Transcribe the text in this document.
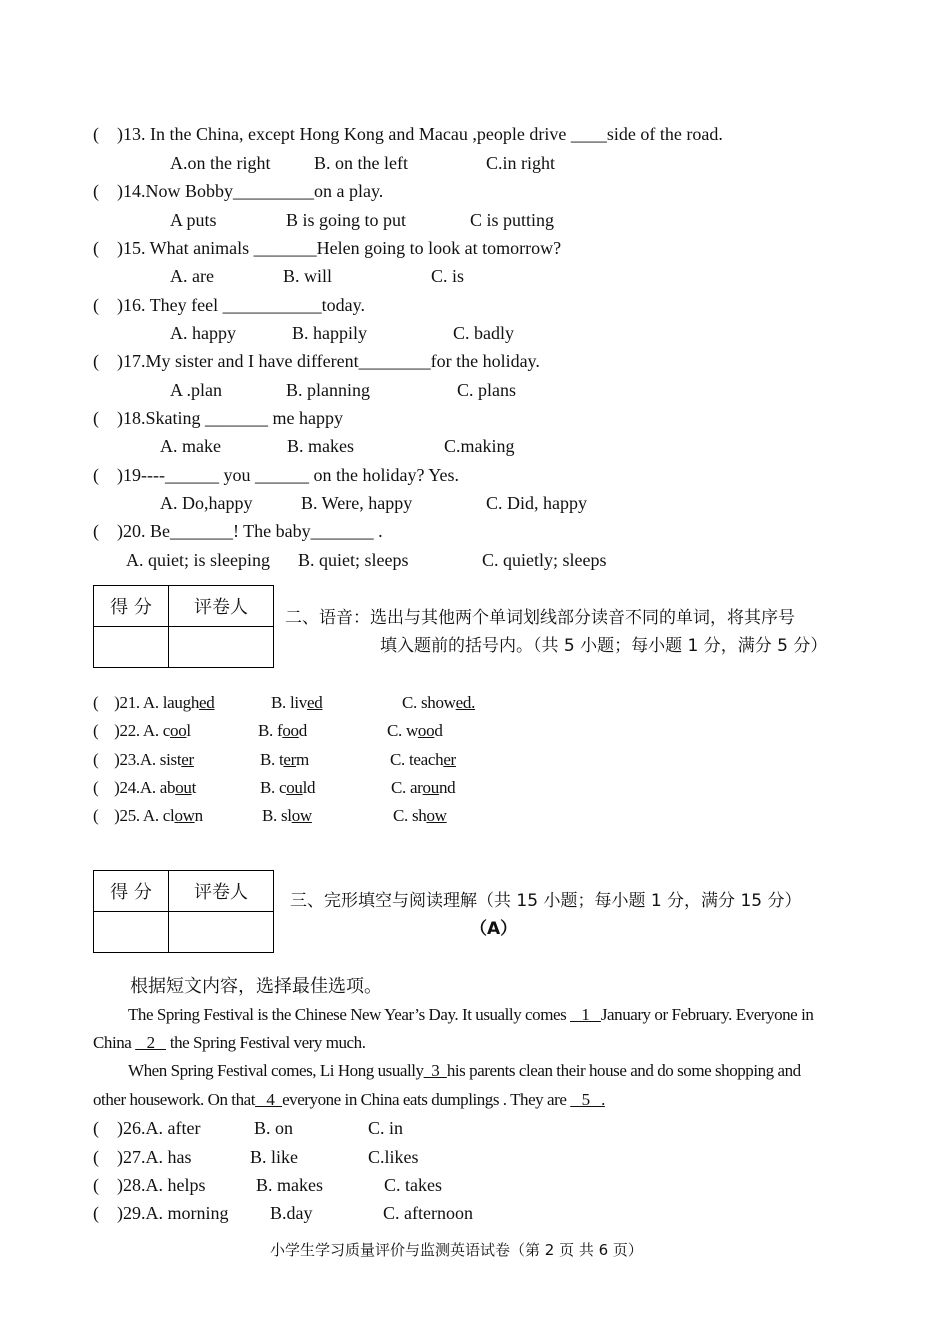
(    )13. In the China, except Hong Kong and Macau ,people drive ____side of the road.
A.on the right B. on the left	C.in right
(    )14.Now Bobby_________on a play.
A puts	B is going to put	C is putting
(    )15. What animals _______Helen going to look at tomorrow?
A. are	B. will	C. is
(    )16. They feel ___________today.
A. happy	B. happily	C. badly
(    )17.My sister and I have different________for the holiday.
A .plan	B. planning	C. plans
(    )18.Skating _______ me happy
A. make	B. makes	C.making
(    )19----______ you ______ on the holiday? Yes.
A. Do,happy	B. Were, happy	C. Did, happy
(    )20. Be_______! The baby_______ .
A. quiet; is sleeping B. quiet; sleeps	C. quietly; sleeps
得 分	评卷人
	二、语音：选出与其他两个单词划线部分读音不同的单词，将其序号
填入题前的括号内。（共 5 小题；每小题 1 分，满分 5 分）
(    )21. A. laughed	B. lived	C. showed.
(    )22. A. cool	B. food	C. wood
(    )23.A. sister	B. term	C. teacher
(    )24.A. about	B. could	C. around
(    )25. A. clown	B. slow	C. show
得 分	评卷人
	三、完形填空与阅读理解（共 15 小题；每小题 1 分，满分 15 分）
（A）
根据短文内容，选择最佳选项。
The Spring Festival is the Chinese New Year’s Day. It usually comes    1   January or February. Everyone in
China    2    the Spring Festival very much.
When Spring Festival comes, Li Hong usually  3  his parents clean their house and do some shopping and
other housework. On that   4  everyone in China eats dumplings . They are    5   .
(    )26.A. after	B. on	C. in
(    )27.A. has	B. like	C.likes
(    )28.A. helps	B. makes	C. takes
(    )29.A. morning B.day	C. afternoon
小学生学习质量评价与监测英语试卷（第 2 页 共 6 页）
